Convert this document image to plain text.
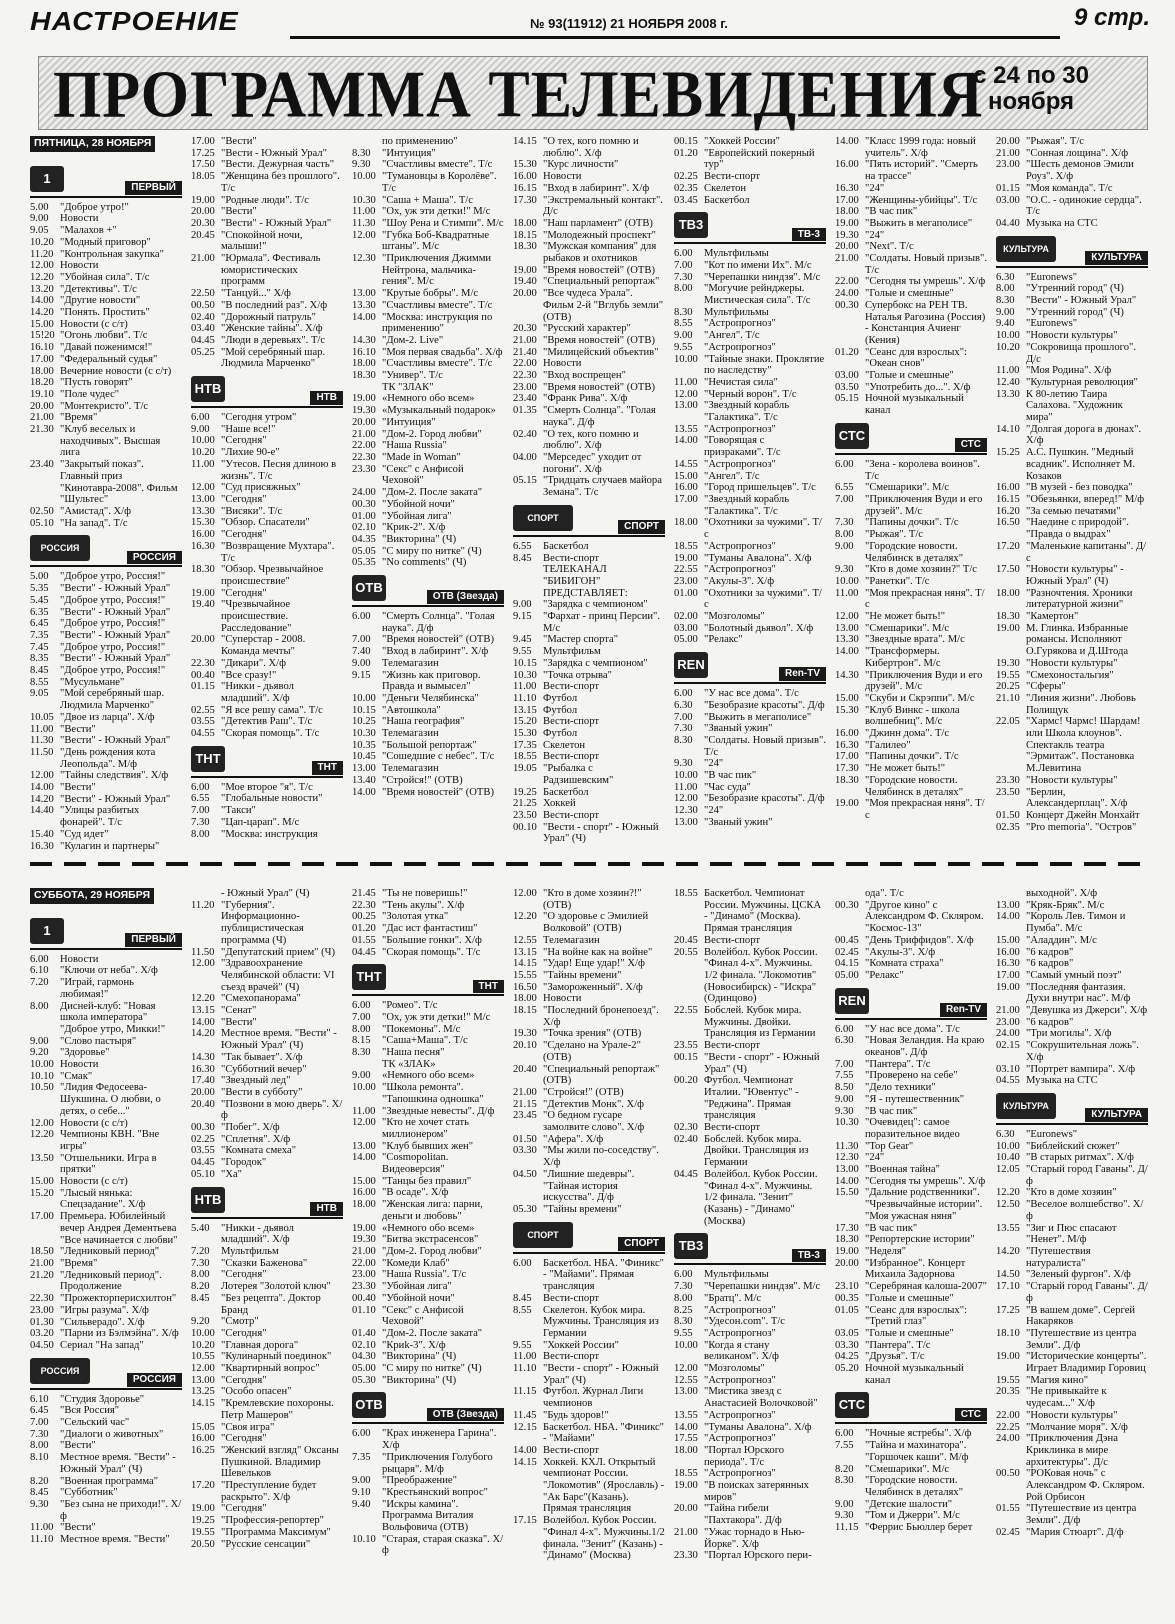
НАСТРОЕНИЕ	№ 93(11912) 21 НОЯБРЯ 2008 г.	9 стр.
ПРОГРАММА ТЕЛЕВИДЕНИЯ
с 24 по 30
ноября
ПЯТНИЦА, 28 НОЯБРЯ
1
ПЕРВЫЙ
5.00 "Доброе утро!"
9.00 Новости
9.05 "Малахов +"
10.20 "Модный приговор"
11.20 "Контрольная закупка"
12.00 Новости
12.20 "Убойная сила". Т/с
13.20 "Детективы". Т/с
14.00 "Другие новости"
14.20 "Понять. Простить"
15.00 Новости (с с/т)
15!20 "Огонь любви". Т/с
16.10 "Давай поженимся!"
17.00 "Федеральный судья"
18.00 Вечерние новости (с с/т)
18.20 "Пусть говорят"
19.10 "Поле чудес"
20.00 "Монтекристо". Т/с
21.00 "Время"
21.30 "Клуб веселых и находчивых". Высшая лига
23.40 "Закрытый показ". Главный приз "Кинотавра-2008". Фильм "Шультес"
02.50 "Амистад". Х/ф
05.10 "На запад". Т/с
РОССИЯ
РОССИЯ
5.00 "Доброе утро, Россия!"
5.35 "Вести" - Южный Урал"
5.45 "Доброе утро, Россия!"
6.35 "Вести" - Южный Урал"
6.45 "Доброе утро, Россия!"
7.35 "Вести" - Южный Урал"
7.45 "Доброе утро, Россия!"
8.35 "Вести" - Южный Урал"
8.45 "Доброе утро, Россия!"
8.55 "Мусульмане"
9.05 "Мой серебряный шар. Людмила Марченко"
10.05 "Двое из ларца". Х/ф
11.00 "Вести"
11.30 "Вести" - Южный Урал"
11.50 "День рождения кота Леопольда". М/ф
12.00 "Тайны следствия". Х/ф
14.00 "Вести"
14.20 "Вести" - Южный Урал"
14.40 "Улицы разбитых фонарей". Т/с
15.40 "Суд идет"
16.30 "Кулагин и партнеры"
17.00 "Вести"
17.25 "Вести - Южный Урал"
17.50 "Вести. Дежурная часть"
18.05 "Женщина без прошлого". Т/с
19.00 "Родные люди". Т/с
20.00 "Вести"
20.30 "Вести" - Южный Урал"
20.45 "Спокойной ночи, малыши!"
21.00 "Юрмала". Фестиваль юмористических программ
22.50 "Танцуй..." Х/ф
00.50 "В последний раз". Х/ф
02.40 "Дорожный патруль"
03.40 "Женские тайны". Х/ф
04.45 "Люди в деревьях". Т/с
05.25 "Мой серебряный шар. Людмила Марченко"
НТВ
НТВ
6.00 "Сегодня утром"
9.00 "Наше все!"
10.00 "Сегодня"
10.20 "Лихие 90-е"
11.00 "Утесов. Песня длиною в жизнь". Т/с
12.00 "Суд присяжных"
13.00 "Сегодня"
13.30 "Висяки". Т/с
15.30 "Обзор. Спасатели"
16.00 "Сегодня"
16.30 "Возвращение Мухтара". Т/с
18.30 "Обзор. Чрезвычайное происшествие"
19.00 "Сегодня"
19.40 "Чрезвычайное происшествие. Расследование"
20.00 "Суперстар - 2008. Команда мечты"
22.30 "Дикари". Х/ф
00.40 "Все сразу!"
01.15 "Никки - дьявол младший". Х/ф
02.55 "Я все решу сама". Т/с
03.55 "Детектив Раш". Т/с
04.55 "Скорая помощь". Т/с
ТНТ
ТНТ
6.00 "Мое второе "я". Т/с
6.55 "Глобальные новости"
7.00 "Такси"
7.30 "Цап-царап". М/с
8.00 "Москва: инструкция
по применению"
8.30 "Интуиция"
9.30 "Счастливы вместе". Т/с
10.00 "Тумановцы в Королёве". Т/с
10.30 "Саша + Маша". Т/с
11.00 "Ох, уж эти детки!" М/с
11.30 "Шоу Рена и Стимпи". М/с
12.00 "Губка Боб-Квадратные штаны". М/с
12.30 "Приключения Джимми Нейтрона, мальчика-гения". М/с
13.00 "Крутые бобры". М/с
13.30 "Счастливы вместе". Т/с
14.00 "Москва: инструкция по применению"
14.30 "Дом-2. Live"
16.10 "Моя первая свадьба". Х/ф
18.00 "Счастливы вместе". Т/с
18.30 "Универ". Т/с
ТК "ЗЛАК"
19.00 «Немного обо всем»
19.30 «Музыкальный подарок»
20.00 "Интуиция"
21.00 "Дом-2. Город любви"
22.00 "Наша Russia"
22.30 "Made in Woman"
23.30 "Секс" с Анфисой Чеховой"
24.00 "Дом-2. После заката"
00.30 "Убойной ночи"
01.00 "Убойная лига"
02.10 "Крик-2". Х/ф
04.35 "Викторина" (Ч)
05.05 "С миру по нитке" (Ч)
05.35 "No comments" (Ч)
ОТВ
ОТВ (Звезда)
6.00 "Смерть Солнца". "Голая наука". Д/ф
7.00 "Время новостей" (ОТВ)
7.40 "Вход в лабиринт". Х/ф
9.00 Телемагазин
9.15 "Жизнь как приговор. Правда и вымысел"
10.00 "Деньги Челябинска"
10.15 "Автошкола"
10.25 "Наша география"
10.30 Телемагазин
10.35 "Большой репортаж"
10.45 "Сошедшие с небес". Т/с
13.00 Телемагазин
13.40 "Стройся!" (ОТВ)
14.00 "Время новостей" (ОТВ)
14.15 "О тех, кого помню и люблю". Х/ф
15.30 "Курс личности"
16.00 Новости
16.15 "Вход в лабиринт". Х/ф
17.30 "Экстремальный контакт". Д/с
18.00 "Наш парламент" (ОТВ)
18.15 "Молодежный проспект"
18.30 "Мужская компания" для рыбаков и охотников
19.00 "Время новостей" (ОТВ)
19.40 "Специальный репортаж"
20.00 "Все чудеса Урала". Фильм 2-й "Вглубь земли" (ОТВ)
20.30 "Русский характер"
21.00 "Время новостей" (ОТВ)
21.40 "Милицейский объектив"
22.00 Новости
22.30 "Вход воспрещен"
23.00 "Время новостей" (ОТВ)
23.40 "Франк Рива". Х/ф
01.35 "Смерть Солнца". "Голая наука". Д/ф
02.40 "О тех, кого помню и люблю". Х/ф
04.00 "Мерседес" уходит от погони". Х/ф
05.15 "Тридцать случаев майора Земана". Т/с
СПОРТ
СПОРТ
6.55 Баскетбол
8.45 Вести-спорт
ТЕЛЕКАНАЛ "БИБИГОН" ПРЕДСТАВЛЯЕТ:
9.00 "Зарядка с чемпионом"
9.15 "Фархат - принц Персии". М/с
9.45 "Мастер спорта"
9.55 Мультфильм
10.15 "Зарядка с чемпионом"
10.30 "Точка отрыва"
11.00 Вести-спорт
11.10 Футбол
13.15 Футбол
15.20 Вести-спорт
15.30 Футбол
17.35 Скелетон
18.55 Вести-спорт
19.05 "Рыбалка с Радзишевским"
19.25 Баскетбол
21.25 Хоккей
23.50 Вести-спорт
00.10 "Вести - спорт" - Южный Урал" (Ч)
00.15 "Хоккей России"
01.20 "Европейский покерный тур"
02.25 Вести-спорт
02.35 Скелетон
03.45 Баскетбол
ТВ3
ТВ-3
6.00 Мультфильмы
7.00 "Кот по имени Их". М/с
7.30 "Черепашки ниндзя". М/с
8.00 "Могучие рейнджеры. Мистическая сила". Т/с
8.30 Мультфильмы
8.55 "Астропрогноз"
9.00 "Ангел". Т/с
9.55 "Астропрогноз"
10.00 "Тайные знаки. Проклятие по наследству"
11.00 "Нечистая сила"
12.00 "Черный ворон". Т/с
13.00 "Звездный корабль "Галактика". Т/с
13.55 "Астропрогноз"
14.00 "Говорящая с призраками". Т/с
14.55 "Астропрогноз"
15.00 "Ангел". Т/с
16.00 "Город пришельцев". Т/с
17.00 "Звездный корабль "Галактика". Т/с
18.00 "Охотники за чужими". Т/с
18.55 "Астропрогноз"
19.00 "Туманы Авалона". Х/ф
22.55 "Астропрогноз"
23.00 "Акулы-3". Х/ф
01.00 "Охотники за чужими". Т/с
02.00 "Мозголомы"
03.00 "Болотный дьявол". Х/ф
05.00 "Релакс"
REN
Ren-TV
6.00 "У нас все дома". Т/с
6.30 "Безобразие красоты". Д/ф
7.00 "Выжить в мегаполисе"
7.30 "Званый ужин"
8.30 "Солдаты. Новый призыв". Т/с
9.30 "24"
10.00 "В час пик"
11.00 "Час суда"
12.00 "Безобразие красоты". Д/ф
12.30 "24"
13.00 "Званый ужин"
14.00 "Класс 1999 года: новый учитель". Х/ф
16.00 "Пять историй". "Смерть на трассе"
16.30 "24"
17.00 "Женщины-убийцы". Т/с
18.00 "В час пик"
19.00 "Выжить в мегаполисе"
19.30 "24"
20.00 "Next". Т/с
21.00 "Солдаты. Новый призыв". Т/с
22.00 "Сегодня ты умрешь". Х/ф
24.00 "Голые и смешные"
00.30 Супербокс на РЕН ТВ. Наталья Рагозина (Россия) - Констанция Ачиенг (Кения)
01.20 "Сеанс для взрослых": "Океан снов"
03.00 "Голые и смешные"
03.50 "Употребить до...". Х/ф
05.15 Ночной музыкальный канал
СТС
СТС
6.00 "Зена - королева воинов". Т/с
6.55 "Смешарики". М/с
7.00 "Приключения Вуди и его друзей". М/с
7.30 "Папины дочки". Т/с
8.00 "Рыжая". Т/с
9.00 "Городские новости. Челябинск в деталях"
9.30 "Кто в доме хозяин?" Т/с
10.00 "Ранетки". Т/с
11.00 "Моя прекрасная няня". Т/с
12.00 "Не может быть!"
13.00 "Смешарики". М/с
13.30 "Звездные врата". М/с
14.00 "Трансформеры. Кибертрон". М/с
14.30 "Приключения Вуди и его друзей". М/с
15.00 "Скуби и Скрэппи". М/с
15.30 "Клуб Винкс - школа волшебниц". М/с
16.00 "Джинн дома". Т/с
16.30 "Галилео"
17.00 "Папины дочки". Т/с
17.30 "Не может быть!"
18.30 "Городские новости. Челябинск в деталях"
19.00 "Моя прекрасная няня". Т/с
20.00 "Рыжая". Т/с
21.00 "Сонная лощина". Х/ф
23.00 "Шесть демонов Эмили Роуз". Х/ф
01.15 "Моя команда". Т/с
03.00 "О.С. - одинокие сердца". Т/с
04.40 Музыка на СТС
КУЛЬТУРА
КУЛЬТУРА
6.30 "Euronews"
8.00 "Утренний город" (Ч)
8.30 "Вести" - Южный Урал"
9.00 "Утренний город" (Ч)
9.40 "Euronews"
10.00 "Новости культуры"
10.20 "Сокровища прошлого". Д/с
11.00 "Моя Родина". Х/ф
12.40 "Культурная революция"
13.30 К 80-летию Таира Салахова. "Художник мира"
14.10 "Долгая дорога в дюнах". Х/ф
15.25 А.С. Пушкин. "Медный всадник". Исполняет М. Козаков
16.00 "В музей - без поводка"
16.15 "Обезьянки, вперед!" М/ф
16.20 "За семью печатями"
16.50 "Наедине с природой". "Правда о выдрах"
17.20 "Маленькие капитаны". Д/с
17.50 "Новости культуры" - Южный Урал" (Ч)
18.00 "Разночтения. Хроники литературной жизни"
18.30 "Камертон"
19.00 М. Глинка. Избранные романсы. Исполняют О.Гурякова и Д.Штода
19.30 "Новости культуры"
19.55 "Смехоностальгия"
20.25 "Сферы"
21.10 "Линия жизни". Любовь Полищук
22.05 "Хармс! Чармс! Шардам! или Школа клоунов". Спектакль театра "Эрмитаж". Постановка М.Левитина
23.30 "Новости культуры"
23.50 "Берлин, Александерплац". Х/ф
01.50 Концерт Джейн Монхайт
02.35 "Pro memoria". "Остров"
СУББОТА, 29 НОЯБРЯ
1
ПЕРВЫЙ
6.00 Новости
6.10 "Ключи от неба". Х/ф
7.20 "Играй, гармонь любимая!"
8.00 Дисней-клуб: "Новая школа императора" "Доброе утро, Микки!"
9.00 "Слово пастыря"
9.20 "Здоровье"
10.00 Новости
10.10 "Смак"
10.50 "Лидия Федосеева-Шукшина. О любви, о детях, о себе..."
12.00 Новости (с с/т)
12.20 Чемпионы КВН. "Вне игры"
13.50 "Отшельники. Игра в прятки"
15.00 Новости (с с/т)
15.20 "Лысый нянька: Спецзадание". Х/ф
17.00 Премьера. Юбилейный вечер Андрея Дементьева "Все начинается с любви"
18.50 "Ледниковый период"
21.00 "Время"
21.20 "Ледниковый период". Продолжение
22.30 "Прожекторперисхилтон"
23.00 "Игры разума". Х/ф
01.30 "Сильверадо". Х/ф
03.20 "Парни из Бэлмэйна". Х/ф
04.50 Сериал "На запад"
РОССИЯ
РОССИЯ
6.10 "Студия Здоровье"
6.45 "Вся Россия"
7.00 "Сельский час"
7.30 "Диалоги о животных"
8.00 "Вести"
8.10 Местное время. "Вести" - Южный Урал" (Ч)
8.20 "Военная программа"
8.45 "Субботник"
9.30 "Без сына не приходи!". Х/ф
11.00 "Вести"
11.10 Местное время. "Вести"
- Южный Урал" (Ч)
11.20 "Губерния". Информационно-публицистическая программа (Ч)
11.50 "Депутатский прием" (Ч)
12.00 "Здравоохранение Челябинской области: VI съезд врачей" (Ч)
12.20 "Смехопанорама"
13.15 "Сенат"
14.00 "Вести"
14.20 Местное время. "Вести" - Южный Урал" (Ч)
14.30 "Так бывает". Х/ф
16.30 "Субботний вечер"
17.40 "Звездный лед"
20.00 "Вести в субботу"
20.40 "Позвони в мою дверь". Х/ф
00.30 "Побег". Х/ф
02.25 "Сплетня". Х/ф
03.55 "Комната смеха"
04.45 "Городок"
05.10 "Ха"
НТВ
НТВ
5.40 "Никки - дьявол младший". Х/ф
7.20 Мультфильм
7.30 "Сказки Баженова"
8.00 "Сегодня"
8.20 Лотерея "Золотой ключ"
8.45 "Без рецепта". Доктор Бранд
9.20 "Смотр"
10.00 "Сегодня"
10.20 "Главная дорога"
10.55 "Кулинарный поединок"
12.00 "Квартирный вопрос"
13.00 "Сегодня"
13.25 "Особо опасен"
14.15 "Кремлевские похороны. Петр Машеров"
15.05 "Своя игра"
16.00 "Сегодня"
16.25 "Женский взгляд" Оксаны Пушкиной. Владимир Шевельков
17.20 "Преступление будет раскрыто". Х/ф
19.00 "Сегодня"
19.25 "Профессия-репортер"
19.55 "Программа Максимум"
20.50 "Русские сенсации"
21.45 "Ты не поверишь!"
22.30 "Тень акулы". Х/ф
00.25 "Золотая утка"
01.20 "Дас ист фантастиш"
01.55 "Большие гонки". Х/ф
04.45 "Скорая помощь". Т/с
ТНТ
ТНТ
6.00 "Ромео". Т/с
7.00 "Ох, уж эти детки!" М/с
8.00 "Покемоны". М/с
8.15 "Саша+Маша". Т/с
8.30 "Наша песня"
ТК «ЗЛАК»
9.00 «Немного обо всем»
10.00 "Школа ремонта". "Тапошкина одношка"
11.00 "Звездные невесты". Д/ф
12.00 "Кто не хочет стать миллионером"
13.00 "Клуб бывших жен"
14.00 "Cosmopolitan. Видеоверсия"
15.00 "Танцы без правил"
16.00 "В осаде". Х/ф
18.00 "Женская лига: парни, деньги и любовь"
19.00 «Немного обо всем»
19.30 "Битва экстрасенсов"
21.00 "Дом-2. Город любви"
22.00 "Комеди Клаб"
23.00 "Наша Russia". Т/с
23.30 "Убойная лига"
00.40 "Убойной ночи"
01.10 "Секс" с Анфисой Чеховой"
01.40 "Дом-2. После заката"
02.10 "Криk-3". Х/ф
04.30 "Викторина" (Ч)
05.00 "С миру по нитке" (Ч)
05.30 "Викторина" (Ч)
ОТВ
ОТВ (Звезда)
6.00 "Крах инженера Гарина". Х/ф
7.35 "Приключения Голубого рыцаря". М/ф
9.00 "Преображение"
9.10 "Крестьянский вопрос"
9.40 "Искры камина". Программа Виталия Вольфовича (ОТВ)
10.10 "Старая, старая сказка". Х/ф
12.00 "Кто в доме хозяин?!" (ОТВ)
12.20 "О здоровье с Эмилией Волковой" (ОТВ)
12.55 Телемагазин
13.15 "На войне как на войне"
14.15 "Удар! Еще удар!" Х/ф
15.55 "Тайны времени"
16.50 "Замороженный". Х/ф
18.00 Новости
18.15 "Последний бронепоезд". Х/ф
19.30 "Точка зрения" (ОТВ)
20.10 "Сделано на Урале-2" (ОТВ)
20.40 "Специальный репортаж" (ОТВ)
21.00 "Стройся!" (ОТВ)
21.15 "Детектив Монк". Х/ф
23.45 "О бедном гусаре замолвите слово". Х/ф
01.50 "Афера". Х/ф
03.30 "Мы жили по-соседству". Х/ф
04.50 "Лишние шедевры". "Тайная история искусства". Д/ф
05.30 "Тайны времени"
СПОРТ
СПОРТ
6.00 Баскетбол. НБА. "Финикс" - "Майами". Прямая трансляция
8.45 Вести-спорт
8.55 Скелетон. Кубок мира. Мужчины. Трансляция из Германии
9.55 "Хоккей России"
11.00 Вести-спорт
11.10 "Вести - спорт" - Южный Урал" (Ч)
11.15 Футбол. Журнал Лиги чемпионов
11.45 "Будь здоров!"
12.15 Баскетбол. НБА. "Финикс" - "Майами"
14.00 Вести-спорт
14.15 Хоккей. КХЛ. Открытый чемпионат России. "Локомотив" (Ярославль) - "Ак Барс"(Казань). Прямая трансляция
17.15 Волейбол. Кубок России. "Финал 4-х". Мужчины.1/2 финала. "Зенит" (Казань) - "Динамо" (Москва)
18.55 Баскетбол. Чемпионат России. Мужчины. ЦСКА - "Динамо" (Москва). Прямая трансляция
20.45 Вести-спорт
20.55 Волейбол. Кубок России. "Финал 4-х". Мужчины. 1/2 финала. "Локомотив" (Новосибирск) - "Искра" (Одинцово)
22.55 Бобслей. Кубок мира. Мужчины. Двойки. Трансляция из Германии
23.55 Вести-спорт
00.15 "Вести - спорт" - Южный Урал" (Ч)
00.20 Футбол. Чемпионат Италии. "Ювентус" - "Реджина". Прямая трансляция
02.30 Вести-спорт
02.40 Бобслей. Кубок мира. Двойки. Трансляция из Германии
04.45 Волейбол. Кубок России. "Финал 4-х". Мужчины. 1/2 финала. "Зенит" (Казань) - "Динамо" (Москва)
ТВ3
ТВ-3
6.00 Мультфильмы
7.30 "Черепашки ниндзя". М/с
8.00 "Братц". М/с
8.25 "Астропрогноз"
8.30 "Удесон.com". Т/с
9.55 "Астропрогноз"
10.00 "Когда я стану великаном". Х/ф
12.00 "Мозголомы"
12.55 "Астропрогноз"
13.00 "Мистика звезд с Анастасией Волочковой"
13.55 "Астропрогноз"
14.00 "Туманы Авалона". Х/ф
17.55 "Астропрогноз"
18.00 "Портал Юрского периода". Т/с
18.55 "Астропрогноз"
19.00 "В поисках затерянных миров"
20.00 "Тайна гибели "Пахтакора". Д/ф
21.00 "Ужас торнадо в Нью-Йорке". Х/ф
23.30 "Портал Юрского пери-
ода". Т/с
00.30 "Другое кино" с Александром Ф. Скляром. "Космос-13"
00.45 "День Триффидов". Х/ф
02.45 "Акулы-3". Х/ф
04.15 "Комната страха"
05.00 "Релакс"
REN
Ren-TV
6.00 "У нас все дома". Т/с
6.30 "Новая Зеландия. На краю океанов". Д/ф
7.00 "Пантера". Т/с
7.55 "Проверено на себе"
8.50 "Дело техники"
9.00 "Я - путешественник"
9.30 "В час пик"
10.30 "Очевидец": самое поразительное видео
11.30 "Top Gear"
12.30 "24"
13.00 "Военная тайна"
14.00 "Сегодня ты умрешь". Х/ф
15.50 "Дальние родственники". "Чрезвычайные истории". "Моя ужасная няня"
17.30 "В час пик"
18.30 "Репортерские истории"
19.00 "Неделя"
20.00 "Избранное". Концерт Михаила Задорнова
23.10 "Серебряная калоша-2007"
00.35 "Голые и смешные"
01.05 "Сеанс для взрослых": "Третий глаз"
03.05 "Голые и смешные"
03.30 "Пантера". Т/с
04.25 "Друзья". Т/с
05.20 Ночной музыкальный канал
СТС
СТС
6.00 "Ночные ястребы". Х/ф
7.55 "Тайна и махинатора". "Горшочек каши". М/ф
8.20 "Смешарики". М/с
8.30 "Городские новости. Челябинск в деталях"
9.00 "Детские шалости"
9.30 "Том и Джерри". М/с
11.15 "Феррис Бьюллер берет
выходной". Х/ф
13.00 "Кряк-Бряк". М/с
14.00 "Король Лев. Тимон и Пумба". М/с
15.00 "Аладдин". М/с
16.00 "6 кадров"
16.30 "6 кадров"
17.00 "Самый умный поэт"
19.00 "Последняя фантазия. Духи внутри нас". М/ф
21.00 "Девушка из Джерси". Х/ф
23.00 "6 кадров"
24.00 "Три могилы". Х/ф
02.15 "Сокрушительная ложь". Х/ф
03.10 "Портрет вампира". Х/ф
04.55 Музыка на СТС
КУЛЬТУРА
КУЛЬТУРА
6.30 "Euronews"
10.00 "Библейский сюжет"
10.40 "В старых ритмах". Х/ф
12.05 "Старый город Гаваны". Д/ф
12.20 "Кто в доме хозяин"
12.50 "Веселое волшебство". Х/ф
13.55 "Зиг и Пюс спасают "Ненет". М/ф
14.20 "Путешествия натуралиста"
14.50 "Зеленый фургон". Х/ф
17.10 "Старый город Гаваны". Д/ф
17.25 "В вашем доме". Сергей Накаряков
18.10 "Путешествие из центра Земли". Д/ф
19.00 "Исторические концерты". Играет Владимир Горовиц
19.55 "Магия кино"
20.35 "Не привыкайте к чудесам..." Х/ф
22.00 "Новости культуры"
22.25 "Молчание моря". Х/ф
24.00 "Приключения Дэна Криклинка в мире архитектуры". Д/с
00.50 "РОКовая ночь" с Александром Ф. Скляром. Рой Орбисон
01.55 "Путешествие из центра Земли". Д/ф
02.45 "Мария Стюарт". Д/ф
